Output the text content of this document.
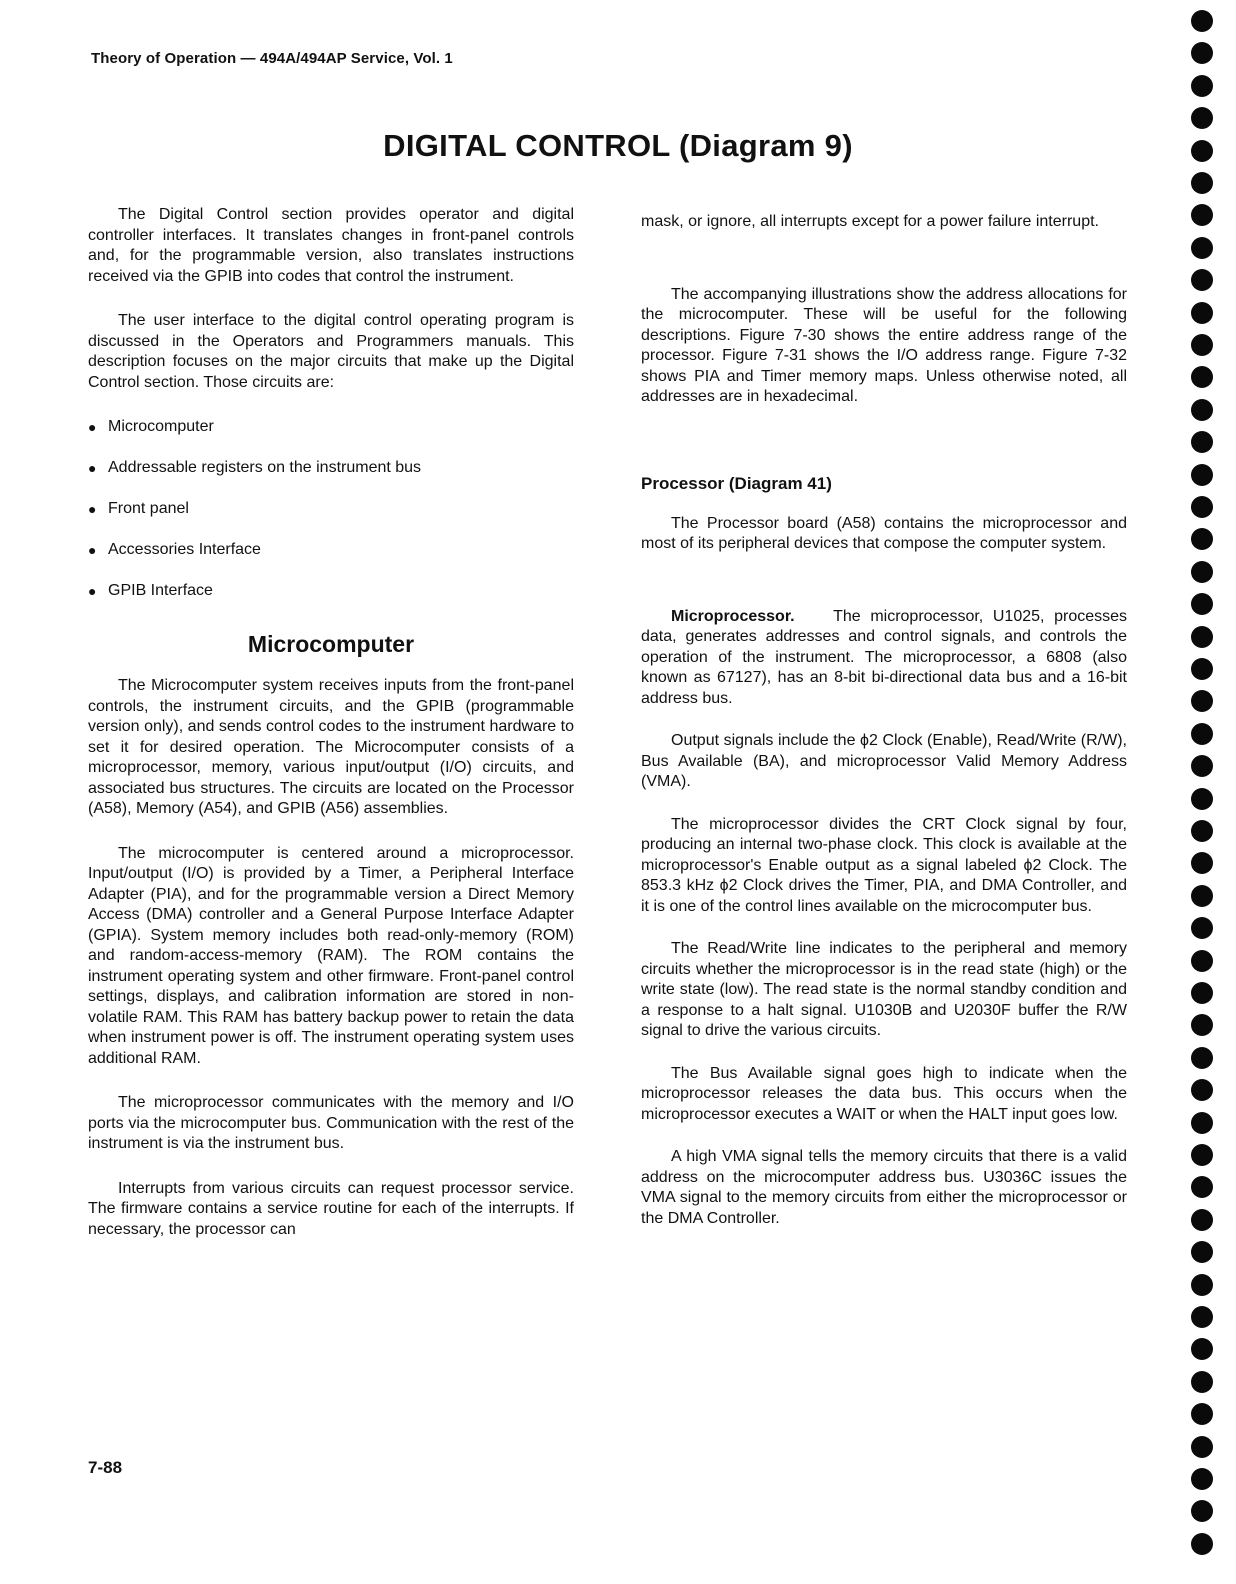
Theory of Operation — 494A/494AP Service, Vol. 1
DIGITAL CONTROL (Diagram 9)

The Digital Control section provides operator and digital controller interfaces. It translates changes in front-panel controls and, for the programmable version, also translates instructions received via the GPIB into codes that control the instrument.

The user interface to the digital control operating program is discussed in the Operators and Programmers manuals. This description focuses on the major circuits that make up the Digital Control section. Those circuits are:

● Microcomputer
● Addressable registers on the instrument bus
● Front panel
● Accessories Interface
● GPIB Interface
Microcomputer

The Microcomputer system receives inputs from the front-panel controls, the instrument circuits, and the GPIB (programmable version only), and sends control codes to the instrument hardware to set it for desired operation. The Microcomputer consists of a microprocessor, memory, various input/output (I/O) circuits, and associated bus structures. The circuits are located on the Processor (A58), Memory (A54), and GPIB (A56) assemblies.

The microcomputer is centered around a microprocessor. Input/output (I/O) is provided by a Timer, a Peripheral Interface Adapter (PIA), and for the programmable version a Direct Memory Access (DMA) controller and a General Purpose Interface Adapter (GPIA). System memory includes both read-only-memory (ROM) and random-access-memory (RAM). The ROM contains the instrument operating system and other firmware. Front-panel control settings, displays, and calibration information are stored in non-volatile RAM. This RAM has battery backup power to retain the data when instrument power is off. The instrument operating system uses additional RAM.

The microprocessor communicates with the memory and I/O ports via the microcomputer bus. Communication with the rest of the instrument is via the instrument bus.

Interrupts from various circuits can request processor service. The firmware contains a service routine for each of the interrupts. If necessary, the processor can

mask, or ignore, all interrupts except for a power failure interrupt.

The accompanying illustrations show the address allocations for the microcomputer. These will be useful for the following descriptions. Figure 7-30 shows the entire address range of the processor. Figure 7-31 shows the I/O address range. Figure 7-32 shows PIA and Timer memory maps. Unless otherwise noted, all addresses are in hexadecimal.

Processor (Diagram 41)

The Processor board (A58) contains the microprocessor and most of its peripheral devices that compose the computer system.

Microprocessor. The microprocessor, U1025, processes data, generates addresses and control signals, and controls the operation of the instrument. The microprocessor, a 6808 (also known as 67127), has an 8-bit bi-directional data bus and a 16-bit address bus.

Output signals include the ϕ2 Clock (Enable), Read/Write (R/W), Bus Available (BA), and microprocessor Valid Memory Address (VMA).

The microprocessor divides the CRT Clock signal by four, producing an internal two-phase clock. This clock is available at the microprocessor's Enable output as a signal labeled ϕ2 Clock. The 853.3 kHz ϕ2 Clock drives the Timer, PIA, and DMA Controller, and it is one of the control lines available on the microcomputer bus.

The Read/Write line indicates to the peripheral and memory circuits whether the microprocessor is in the read state (high) or the write state (low). The read state is the normal standby condition and a response to a halt signal. U1030B and U2030F buffer the R/W signal to drive the various circuits.

The Bus Available signal goes high to indicate when the microprocessor releases the data bus. This occurs when the microprocessor executes a WAIT or when the HALT input goes low.

A high VMA signal tells the memory circuits that there is a valid address on the microcomputer address bus. U3036C issues the VMA signal to the memory circuits from either the microprocessor or the DMA Controller.

7-88
